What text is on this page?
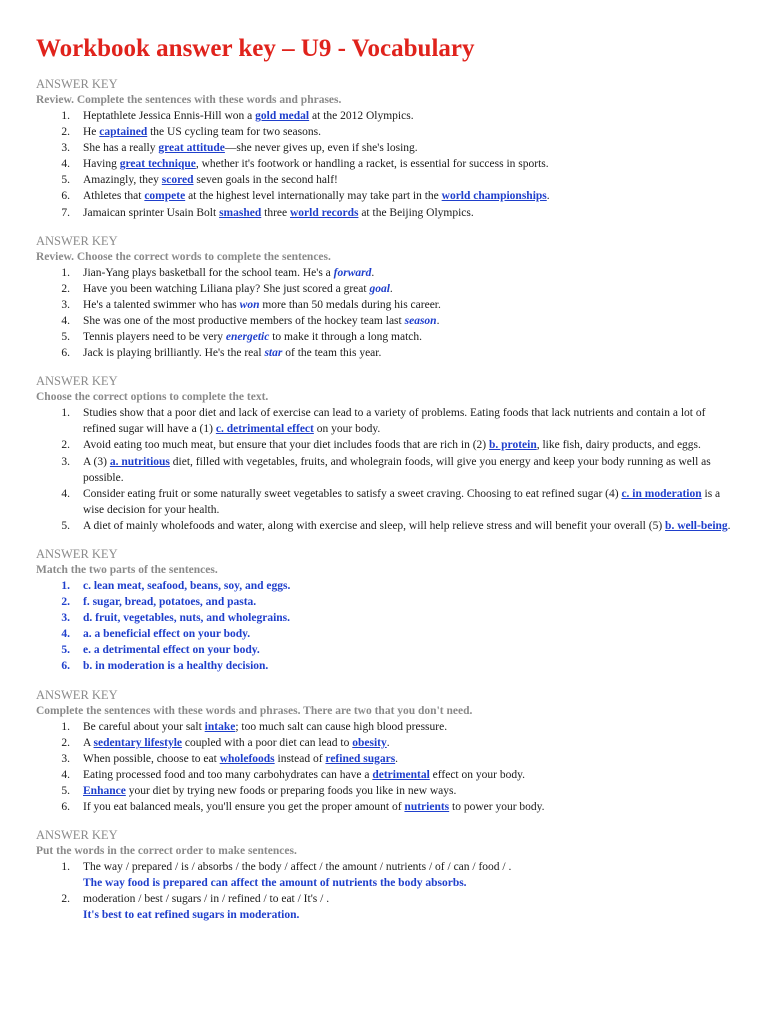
Workbook answer key – U9 - Vocabulary

ANSWER KEY

Review. Complete the sentences with these words and phrases.

1. Heptathlete Jessica Ennis-Hill won a gold medal at the 2012 Olympics.
2. He captained the US cycling team for two seasons.
3. She has a really great attitude—she never gives up, even if she's losing.
4. Having great technique, whether it's footwork or handling a racket, is essential for success in sports.
5. Amazingly, they scored seven goals in the second half!
6. Athletes that compete at the highest level internationally may take part in the world championships.
7. Jamaican sprinter Usain Bolt smashed three world records at the Beijing Olympics.

ANSWER KEY

Review. Choose the correct words to complete the sentences.

1. Jian-Yang plays basketball for the school team. He's a forward.
2. Have you been watching Liliana play? She just scored a great goal.
3. He's a talented swimmer who has won more than 50 medals during his career.
4. She was one of the most productive members of the hockey team last season.
5. Tennis players need to be very energetic to make it through a long match.
6. Jack is playing brilliantly. He's the real star of the team this year.

ANSWER KEY

Choose the correct options to complete the text.

1. Studies show that a poor diet and lack of exercise can lead to a variety of problems. Eating foods that lack nutrients and contain a lot of refined sugar will have a (1) c. detrimental effect on your body.
2. Avoid eating too much meat, but ensure that your diet includes foods that are rich in (2) b. protein, like fish, dairy products, and eggs.
3. A (3) a. nutritious diet, filled with vegetables, fruits, and wholegrain foods, will give you energy and keep your body running as well as possible.
4. Consider eating fruit or some naturally sweet vegetables to satisfy a sweet craving. Choosing to eat refined sugar (4) c. in moderation is a wise decision for your health.
5. A diet of mainly wholefoods and water, along with exercise and sleep, will help relieve stress and will benefit your overall (5) b. well-being.

ANSWER KEY

Match the two parts of the sentences.

1. c. lean meat, seafood, beans, soy, and eggs.
2. f. sugar, bread, potatoes, and pasta.
3. d. fruit, vegetables, nuts, and wholegrains.
4. a. a beneficial effect on your body.
5. e. a detrimental effect on your body.
6. b. in moderation is a healthy decision.

ANSWER KEY

Complete the sentences with these words and phrases. There are two that you don't need.

1. Be careful about your salt intake; too much salt can cause high blood pressure.
2. A sedentary lifestyle coupled with a poor diet can lead to obesity.
3. When possible, choose to eat wholefoods instead of refined sugars.
4. Eating processed food and too many carbohydrates can have a detrimental effect on your body.
5. Enhance your diet by trying new foods or preparing foods you like in new ways.
6. If you eat balanced meals, you'll ensure you get the proper amount of nutrients to power your body.

ANSWER KEY

Put the words in the correct order to make sentences.

1. The way / prepared / is / absorbs / the body / affect / the amount / nutrients / of / can / food / .
The way food is prepared can affect the amount of nutrients the body absorbs.
2. moderation / best / sugars / in / refined / to eat / It's / .
It's best to eat refined sugars in moderation.
